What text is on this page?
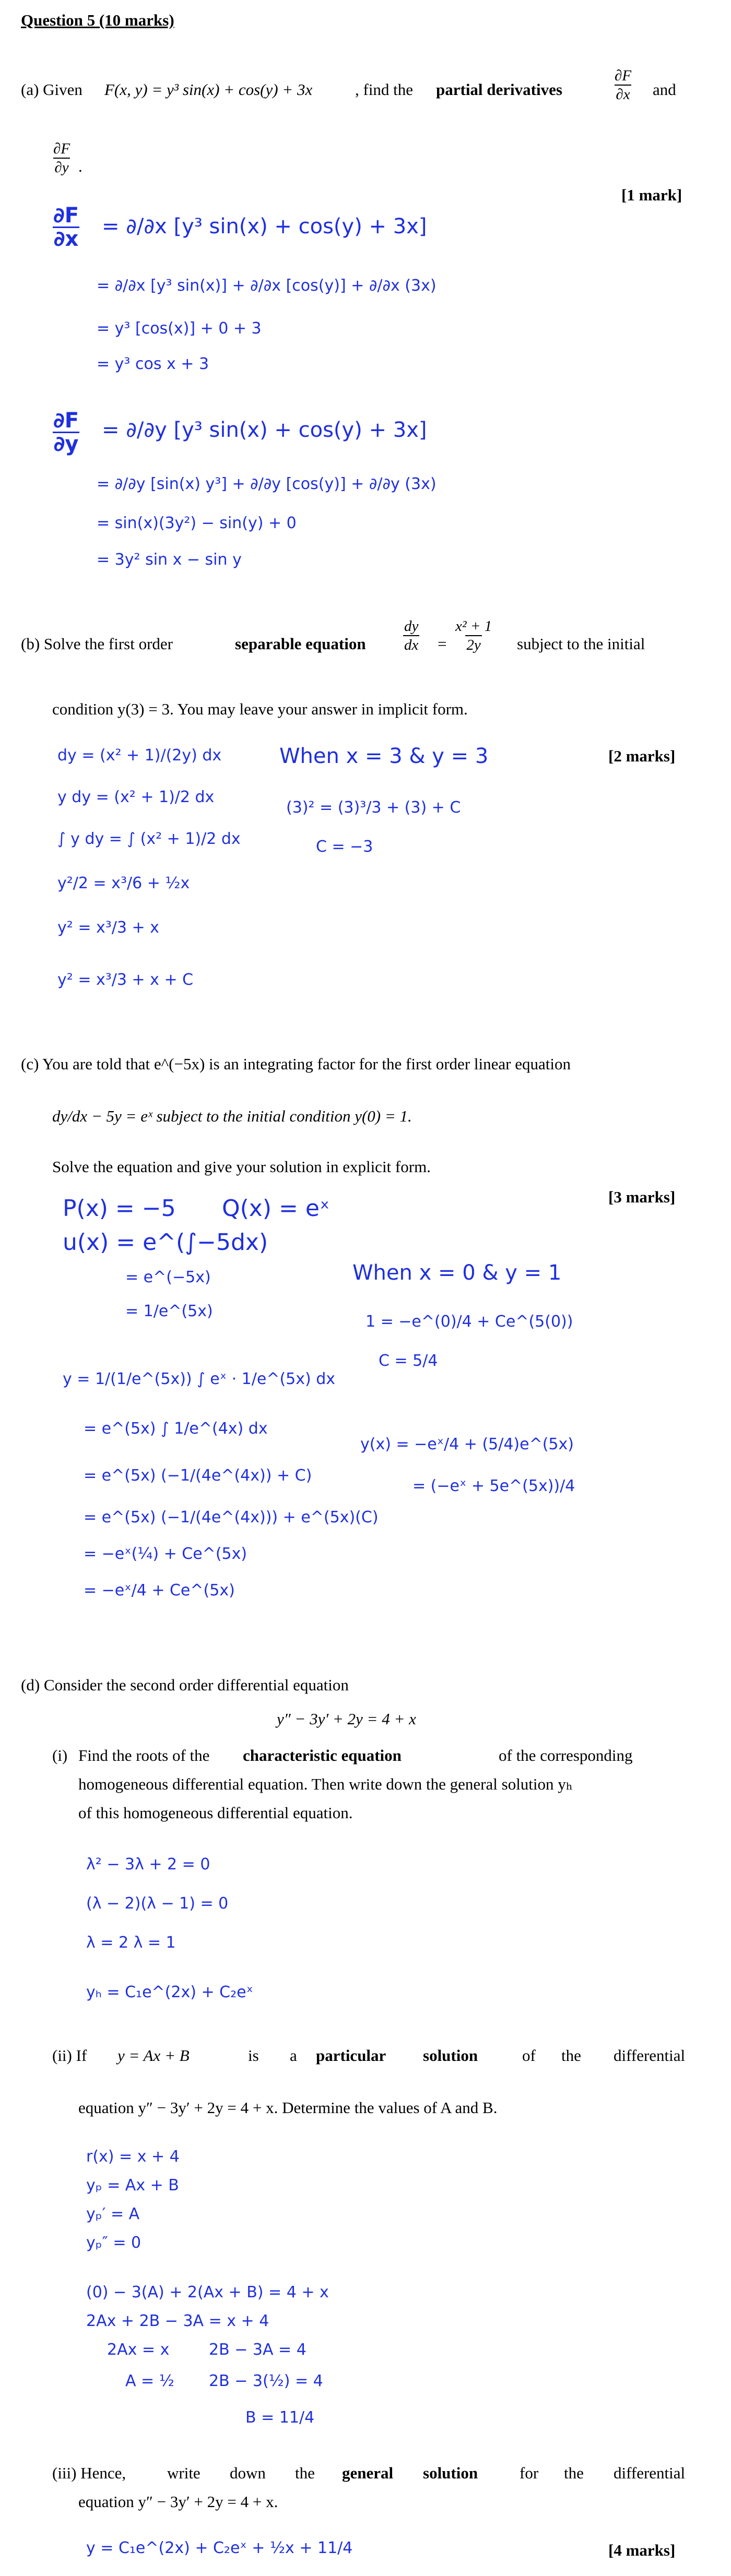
Question 5 (10 marks)
(a) Given F(x, y) = y³ sin(x) + cos(y) + 3x	, find the partial derivatives	$\frac{\partial F}{\partial x}$ and
$\frac{\partial F}{\partial y}$ .
[1 mark]
$\frac{\partial F}{\partial x} = \partial/\partial x$ [y³ sin(x) + cos(y) + 3x]
= ∂/∂x [y³ sin(x)] + ∂/∂x [cos(y)] + ∂/∂x (3x)
= y³ [cos(x)] + 0 + 3
= y³ cos x + 3
$\frac{\partial F}{\partial y} = \partial/\partial y$ [y³ sin(x) + cos(y) + 3x]
= ∂/∂y [sin(x) y³] + ∂/∂y [cos(y)] + ∂/∂y (3x)
= sin(x)(3y²) − sin(y) + 0
= 3y² sin x − sin y
(b) Solve the first order	separable equation $\frac{dy}{dx} = \frac{\text{x² + 1}}{2y}$ subject to the initial
condition y(3) = 3. You may leave your answer in implicit form.
dy = (x² + 1)/(2y) dx
y dy = (x² + 1)/2 dx
∫ y dy = ∫ (x² + 1)/2 dx
y²/2 = x³/6 + ½x
y² = x³/3 + x
y² = x³/3 + x + C
When x = 3 & y = 3	[2 marks]
(3)² = (3)³/3 + (3) + C
C = −3
(c) You are told that e^(−5x) is an integrating factor for the first order linear equation
dy/dx − 5y = eˣ subject to the initial condition y(0) = 1.
Solve the equation and give your solution in explicit form.
[3 marks]
P(x) = −5 Q(x) = eˣ
u(x) = e^(∫−5dx)
= e^(−5x)
= 1/e^(5x)
y = 1/(1/e^(5x)) ∫ eˣ · 1/e^(5x) dx
= e^(5x) ∫ 1/e^(4x) dx
= e^(5x) (−1/(4e^(4x)) + C)
= e^(5x) (−1/(4e^(4x))) + e^(5x)(C)
= −eˣ(¼) + Ce^(5x)
= −eˣ/4 + Ce^(5x)
When x = 0 & y = 1
1 = −e^(0)/4 + Ce^(5(0))
C = 5/4
y(x) = −eˣ/4 + (5/4)e^(5x)
= (−eˣ + 5e^(5x))/4
(d) Consider the second order differential equation
y″ − 3y′ + 2y = 4 + x
(i) Find the roots of the characteristic equation	of the corresponding
homogeneous differential equation. Then write down the general solution yₕ
of this homogeneous differential equation.
λ² − 3λ + 2 = 0
(λ − 2)(λ − 1) = 0
λ = 2 λ = 1
yₕ = C₁e^(2x) + C₂eˣ
(ii) If y = Ax + B	is a particular solution	of the differential
equation y″ − 3y′ + 2y = 4 + x. Determine the values of A and B.
r(x) = x + 4
yₚ = Ax + B
yₚ′ = A
yₚ″ = 0
(0) − 3(A) + 2(Ax + B) = 4 + x
2Ax + 2B − 3A = x + 4
2Ax = x	2B − 3A = 4
A = ½ 2B − 3(½) = 4
B = 11/4
(iii) Hence,	write down the general solution	for the differential
equation y″ − 3y′ + 2y = 4 + x.
y = C₁e^(2x) + C₂eˣ + ½x + 11/4	[4 marks]
